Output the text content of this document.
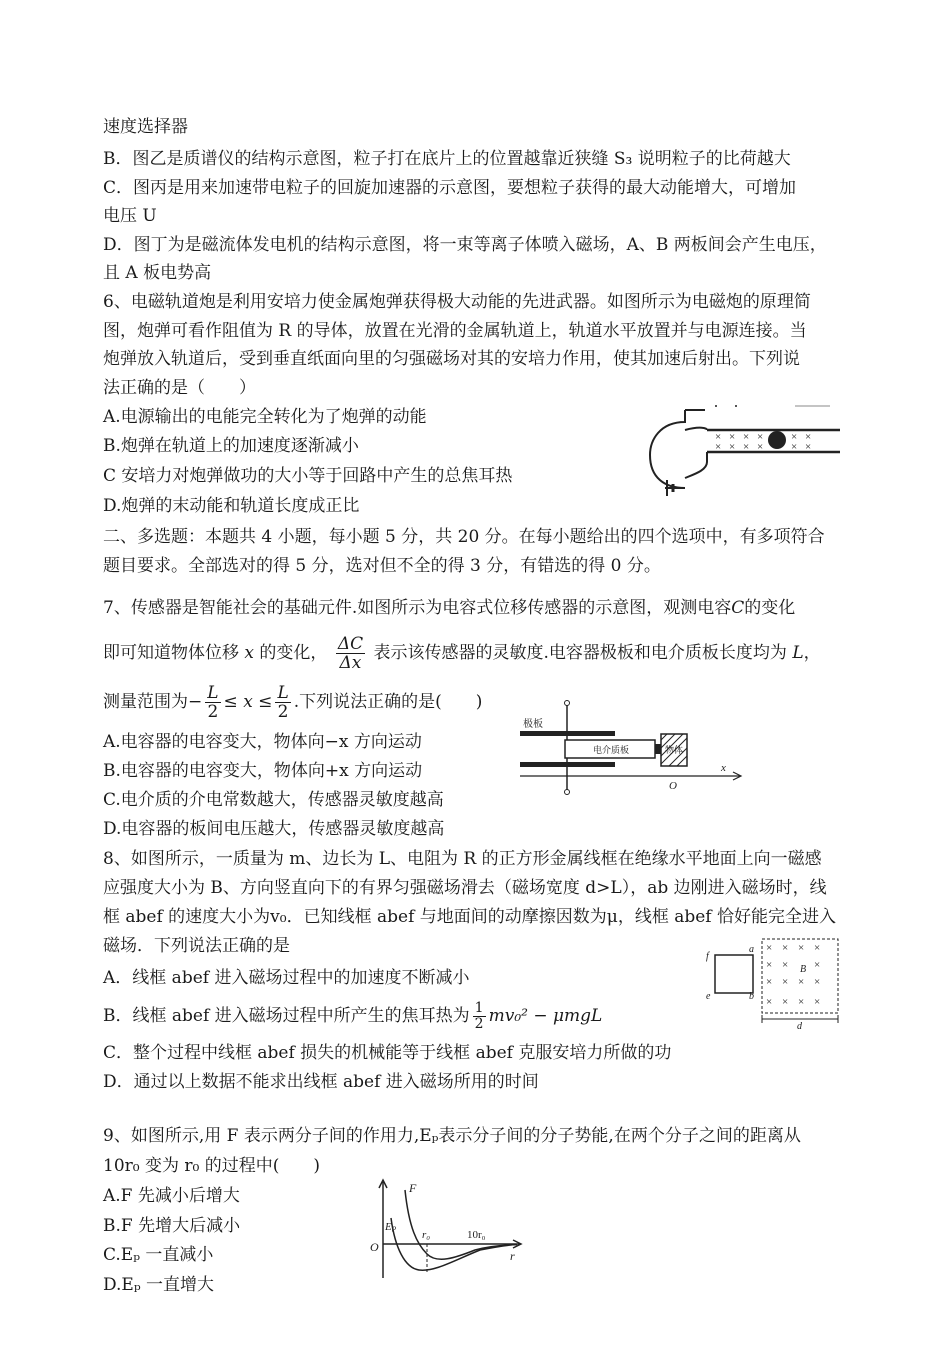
速度选择器
B．图乙是质谱仪的结构示意图，粒子打在底片上的位置越靠近狭缝 S₃ 说明粒子的比荷越大
C．图丙是用来加速带电粒子的回旋加速器的示意图，要想粒子获得的最大动能增大，可增加
电压 U
D．图丁为是磁流体发电机的结构示意图，将一束等离子体喷入磁场，A、B 两板间会产生电压，
且 A 板电势高
6、电磁轨道炮是利用安培力使金属炮弹获得极大动能的先进武器。如图所示为电磁炮的原理简
图，炮弹可看作阻值为 R 的导体，放置在光滑的金属轨道上，轨道水平放置并与电源连接。当
炮弹放入轨道后，受到垂直纸面向里的匀强磁场对其的安培力作用，使其加速后射出。下列说
法正确的是（　　）
A.电源输出的电能完全转化为了炮弹的动能
B.炮弹在轨道上的加速度逐渐减小
C 安培力对炮弹做功的大小等于回路中产生的总焦耳热
D.炮弹的末动能和轨道长度成正比
× × × ×	× ×
× × × ×	× ×
二、多选题：本题共 4 小题，每小题 5 分，共 20 分。在每小题给出的四个选项中，有多项符合
题目要求。全部选对的得 5 分，选对但不全的得 3 分，有错选的得 0 分。
7、传感器是智能社会的基础元件.如图所示为电容式位移传感器的示意图，观测电容C的变化
即可知道物体位移 x 的变化， $\frac{\Delta C}{\Delta x}$ 表示该传感器的灵敏度.电容器极板和电介质板长度均为 L，
测量范围为− $\frac{L}{2} \le x \le \frac{L}{2}$ .下列说法正确的是(　　)
A.电容器的电容变大，物体向−x 方向运动
B.电容器的电容变大，物体向+x 方向运动
C.电介质的介电常数越大，传感器灵敏度越高
D.电容器的板间电压越大，传感器灵敏度越高
极板
电介质板	物体
x
O
8、如图所示，一质量为 m、边长为 L、电阻为 R 的正方形金属线框在绝缘水平地面上向一磁感
应强度大小为 B、方向竖直向下的有界匀强磁场滑去（磁场宽度 d>L），ab 边刚进入磁场时，线
框 abef 的速度大小为v₀．已知线框 abef 与地面间的动摩擦因数为μ，线框 abef 恰好能完全进入
磁场．下列说法正确的是
A．线框 abef 进入磁场过程中的加速度不断减小
B．线框 abef 进入磁场过程中所产生的焦耳热为 $\frac{1}{2} mv_0^2 - \mu mgL$
C．整个过程中线框 abef 损失的机械能等于线框 abef 克服安培力所做的功
D．通过以上数据不能求出线框 abef 进入磁场所用的时间
× × × ×
× × ×
× × × ×
× × × ×
B
f
a
e	b
d
9、如图所示,用 F 表示两分子间的作用力,Eₚ表示分子间的分子势能,在两个分子之间的距离从
10r₀ 变为 r₀ 的过程中(　　)
A.F 先减小后增大
B.F 先增大后减小
C.Eₚ 一直减小
D.Eₚ 一直增大
F
Eₚ
r₀	10r₀
O
r
